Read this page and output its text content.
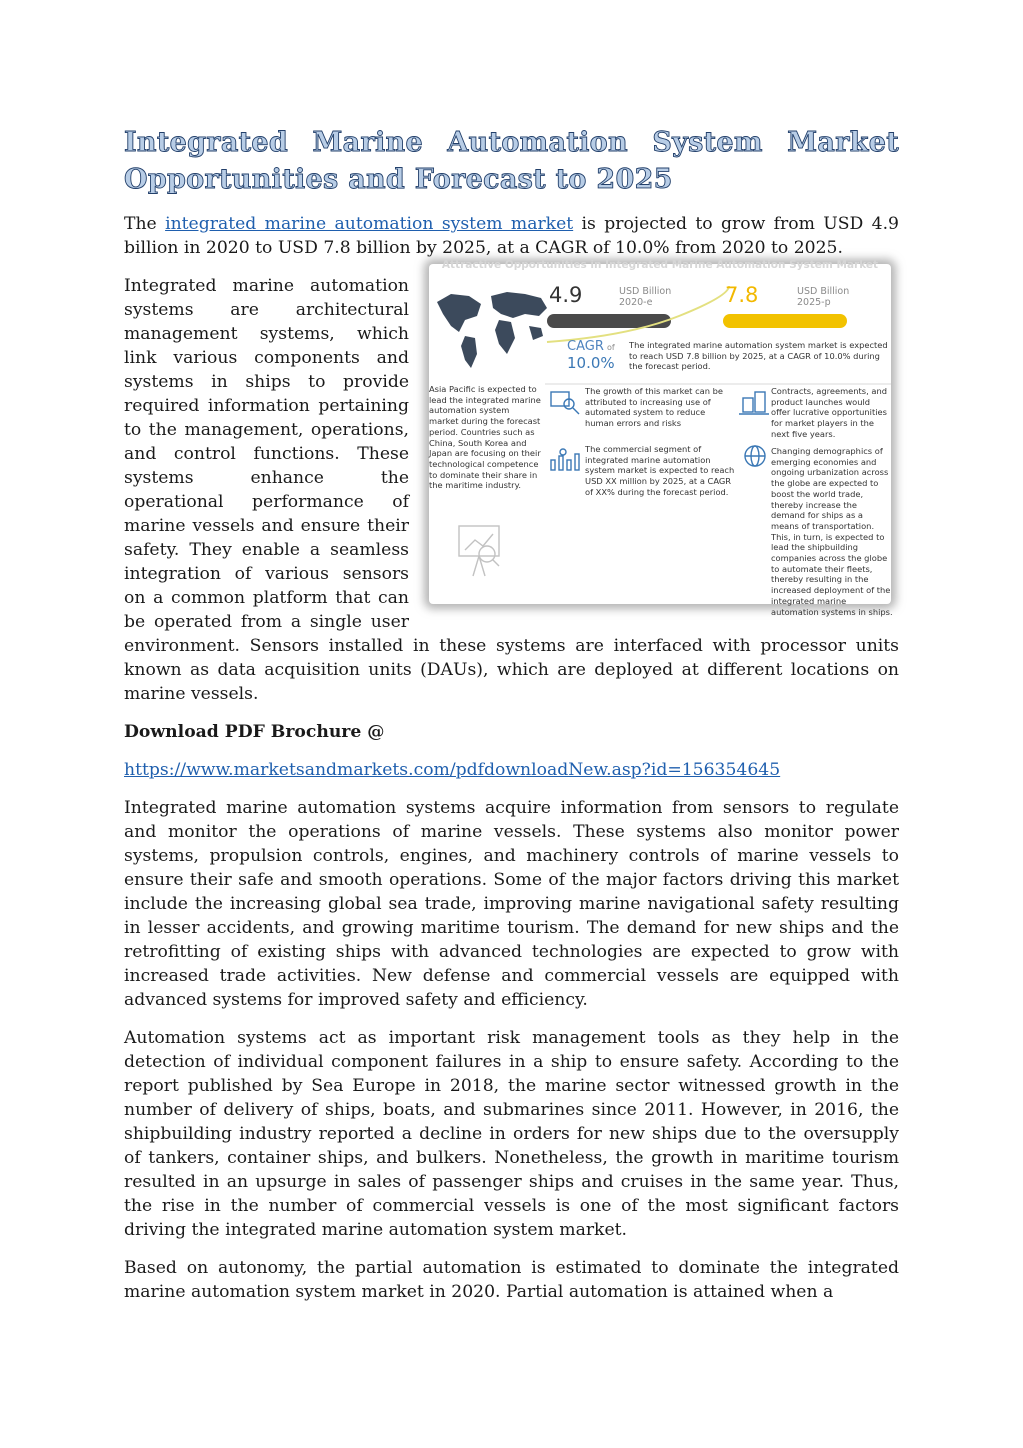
Integrated Marine Automation System Market
Opportunities and Forecast to 2025

The integrated marine automation system market is projected to grow from USD 4.9 billion in 2020 to USD 7.8 billion by 2025, at a CAGR of 10.0% from 2020 to 2025.

Attractive Opportunities in Integrated Marine Automation System Market
4.9	USD Billion
2020-e	7.8	USD Billion
2025-p
CAGR of
10.0%
The integrated marine automation system market is expected to reach USD 7.8 billion by 2025, at a CAGR of 10.0% during the forecast period.
Asia Pacific is expected to lead the integrated marine automation system market during the forecast period. Countries such as China, South Korea and Japan are focusing on their technological competence to dominate their share in the maritime industry.
The growth of this market can be attributed to increasing use of automated system to reduce human errors and risks
Contracts, agreements, and product launches would offer lucrative opportunities for market players in the next five years.
The commercial segment of integrated marine automation system market is expected to reach USD XX million by 2025, at a CAGR of XX% during the forecast period.
Changing demographics of emerging economies and ongoing urbanization across the globe are expected to boost the world trade, thereby increase the demand for ships as a means of transportation. This, in turn, is expected to lead the shipbuilding companies across the globe to automate their fleets, thereby resulting in the increased deployment of the integrated marine automation systems in ships.

Integrated marine automation systems are architectural management systems, which link various components and systems in ships to provide required information pertaining to the management, operations, and control functions. These systems enhance the operational performance of marine vessels and ensure their safety. They enable a seamless integration of various sensors on a common platform that can be operated from a single user environment. Sensors installed in these systems are interfaced with processor units known as data acquisition units (DAUs), which are deployed at different locations on marine vessels.

Download PDF Brochure @

https://www.marketsandmarkets.com/pdfdownloadNew.asp?id=156354645

Integrated marine automation systems acquire information from sensors to regulate and monitor the operations of marine vessels. These systems also monitor power systems, propulsion controls, engines, and machinery controls of marine vessels to ensure their safe and smooth operations. Some of the major factors driving this market include the increasing global sea trade, improving marine navigational safety resulting in lesser accidents, and growing maritime tourism. The demand for new ships and the retrofitting of existing ships with advanced technologies are expected to grow with increased trade activities. New defense and commercial vessels are equipped with advanced systems for improved safety and efficiency.

Automation systems act as important risk management tools as they help in the detection of individual component failures in a ship to ensure safety. According to the report published by Sea Europe in 2018, the marine sector witnessed growth in the number of delivery of ships, boats, and submarines since 2011. However, in 2016, the shipbuilding industry reported a decline in orders for new ships due to the oversupply of tankers, container ships, and bulkers. Nonetheless, the growth in maritime tourism resulted in an upsurge in sales of passenger ships and cruises in the same year. Thus, the rise in the number of commercial vessels is one of the most significant factors driving the integrated marine automation system market.

Based on autonomy, the partial automation is estimated to dominate the integrated marine automation system market in 2020. Partial automation is attained when a
